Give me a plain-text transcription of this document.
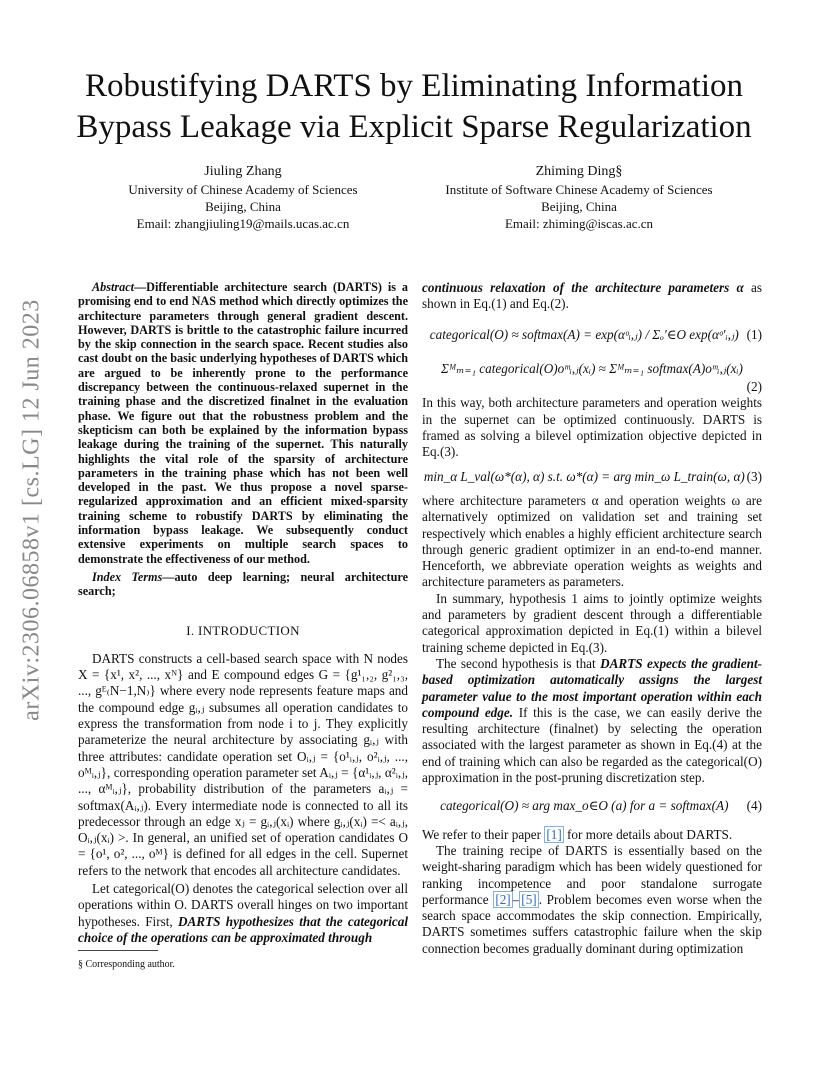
arXiv:2306.06858v1 [cs.LG] 12 Jun 2023
Robustifying DARTS by Eliminating Information Bypass Leakage via Explicit Sparse Regularization
Jiuling Zhang
University of Chinese Academy of Sciences
Beijing, China
Email: zhangjiuling19@mails.ucas.ac.cn
Zhiming Ding§
Institute of Software Chinese Academy of Sciences
Beijing, China
Email: zhiming@iscas.ac.cn

Abstract—Differentiable architecture search (DARTS) is a promising end to end NAS method which directly optimizes the architecture parameters through general gradient descent. However, DARTS is brittle to the catastrophic failure incurred by the skip connection in the search space. Recent studies also cast doubt on the basic underlying hypotheses of DARTS which are argued to be inherently prone to the performance discrepancy between the continuous-relaxed supernet in the training phase and the discretized finalnet in the evaluation phase. We figure out that the robustness problem and the skepticism can both be explained by the information bypass leakage during the training of the supernet. This naturally highlights the vital role of the sparsity of architecture parameters in the training phase which has not been well developed in the past. We thus propose a novel sparse-regularized approximation and an efficient mixed-sparsity training scheme to robustify DARTS by eliminating the information bypass leakage. We subsequently conduct extensive experiments on multiple search spaces to demonstrate the effectiveness of our method.

Index Terms—auto deep learning; neural architecture search;

I. INTRODUCTION

DARTS constructs a cell-based search space with N nodes X = {x¹, x², ..., xᴺ} and E compound edges G = {g¹₁,₂, g²₁,₃, ..., gᴱ₍N−1,N₎} where every node represents feature maps and the compound edge gᵢ,ⱼ subsumes all operation candidates to express the transformation from node i to j. They explicitly parameterize the neural architecture by associating gᵢ,ⱼ with three attributes: candidate operation set Oᵢ,ⱼ = {o¹ᵢ,ⱼ, o²ᵢ,ⱼ, ..., oᴹᵢ,ⱼ}, corresponding operation parameter set Aᵢ,ⱼ = {α¹ᵢ,ⱼ, α²ᵢ,ⱼ, ..., αᴹᵢ,ⱼ}, probability distribution of the parameters aᵢ,ⱼ = softmax(Aᵢ,ⱼ). Every intermediate node is connected to all its predecessor through an edge xⱼ = gᵢ,ⱼ(xᵢ) where gᵢ,ⱼ(xᵢ) =< aᵢ,ⱼ, Oᵢ,ⱼ(xᵢ) >. In general, an unified set of operation candidates O = {o¹, o², ..., oᴹ} is defined for all edges in the cell. Supernet refers to the network that encodes all architecture candidates.

Let categorical(O) denotes the categorical selection over all operations within O. DARTS overall hinges on two important hypotheses. First, DARTS hypothesizes that the categorical choice of the operations can be approximated through

§ Corresponding author.

continuous relaxation of the architecture parameters α as shown in Eq.(1) and Eq.(2).

categorical(O) ≈ softmax(A) = exp(αᵒᵢ,ⱼ) / Σₒ′∈O exp(αᵒ′ᵢ,ⱼ) (1)
Σᴹₘ₌₁ categorical(O)oᵐᵢ,ⱼ(xᵢ) ≈ Σᴹₘ₌₁ softmax(A)oᵐᵢ,ⱼ(xᵢ)
(2)

In this way, both architecture parameters and operation weights in the supernet can be optimized continuously. DARTS is framed as solving a bilevel optimization objective depicted in Eq.(3).

min_α L_val(ω*(α), α) s.t. ω*(α) = arg min_ω L_train(ω, α) (3)

where architecture parameters α and operation weights ω are alternatively optimized on validation set and training set respectively which enables a highly efficient architecture search through generic gradient optimizer in an end-to-end manner. Henceforth, we abbreviate operation weights as weights and architecture parameters as parameters.

In summary, hypothesis 1 aims to jointly optimize weights and parameters by gradient descent through a differentiable categorical approximation depicted in Eq.(1) within a bilevel training scheme depicted in Eq.(3).

The second hypothesis is that DARTS expects the gradient-based optimization automatically assigns the largest parameter value to the most important operation within each compound edge. If this is the case, we can easily derive the resulting architecture (finalnet) by selecting the operation associated with the largest parameter as shown in Eq.(4) at the end of training which can also be regarded as the categorical(O) approximation in the post-pruning discretization step.

categorical(O) ≈ arg max_o∈O (a) for a = softmax(A)	(4)

We refer to their paper [1] for more details about DARTS.

The training recipe of DARTS is essentially based on the weight-sharing paradigm which has been widely questioned for ranking incompetence and poor standalone surrogate performance [2] – [5] . Problem becomes even worse when the search space accommodates the skip connection. Empirically, DARTS sometimes suffers catastrophic failure when the skip connection becomes gradually dominant during optimization
